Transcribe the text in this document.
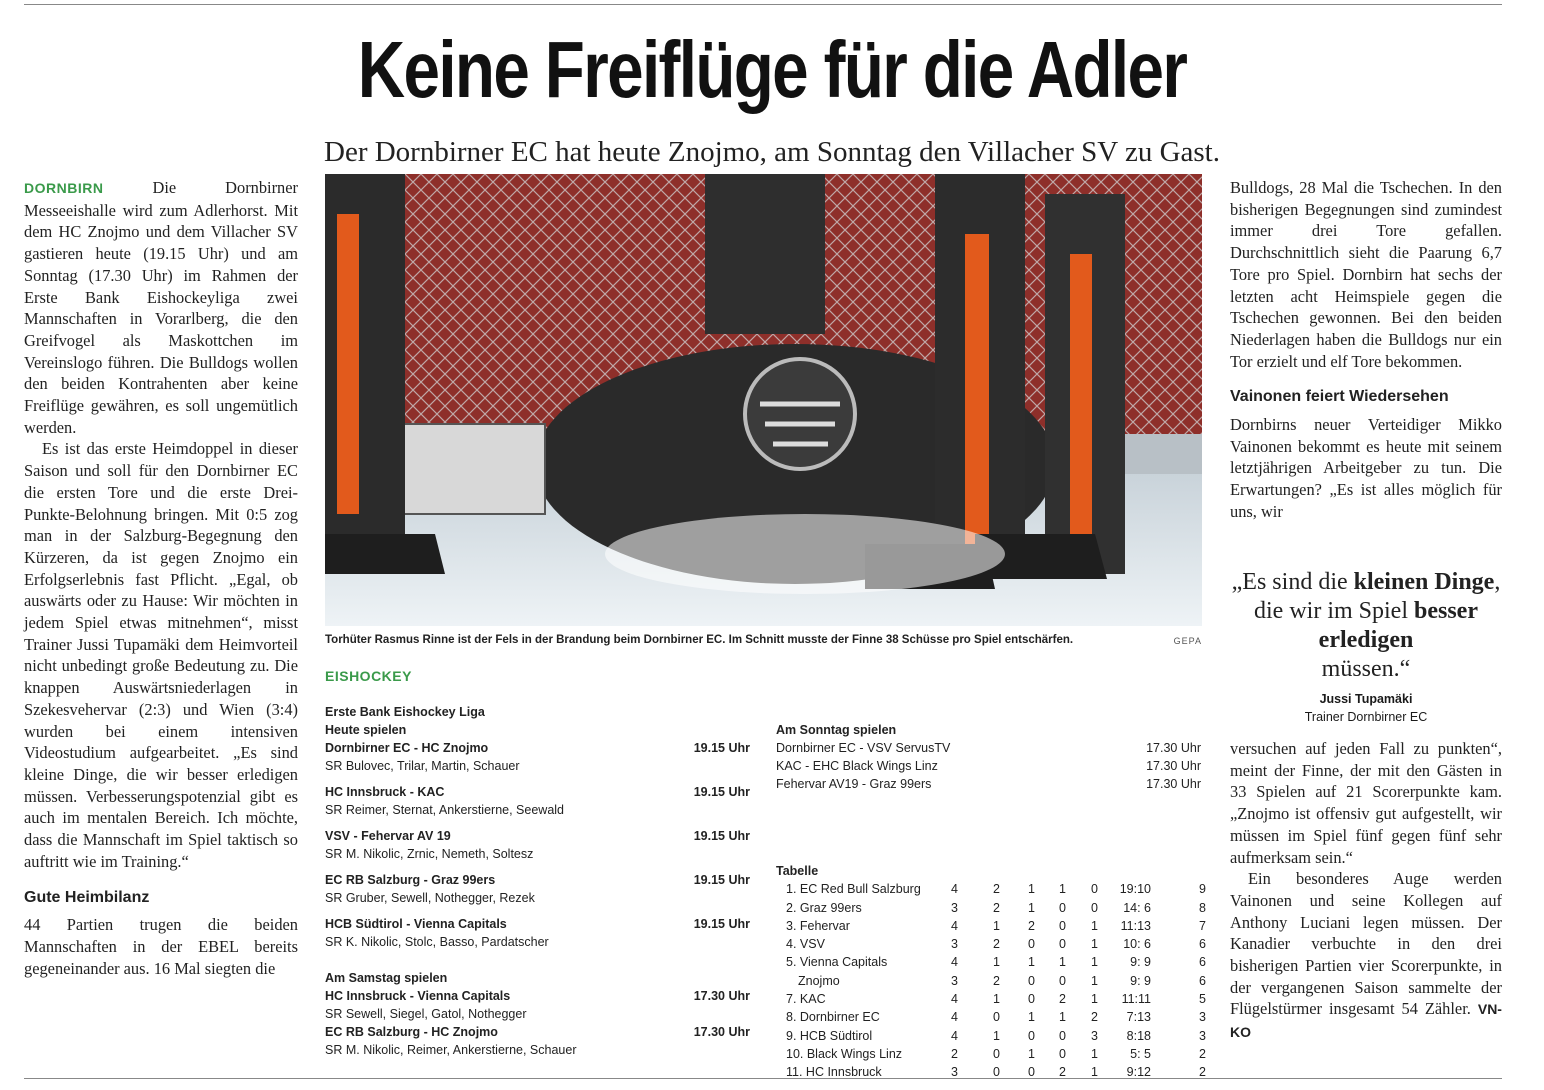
Keine Freiflüge für die Adler
Der Dornbirner EC hat heute Znojmo, am Sonntag den Villacher SV zu Gast.

DORNBIRN	Die Dornbirner Messeeishalle wird zum Adlerhorst. Mit dem HC Znojmo und dem Villacher SV gastieren heute (19.15 Uhr) und am Sonntag (17.30 Uhr) im Rahmen der Erste Bank Eishockeyliga zwei Mannschaften in Vorarlberg, die den Greifvogel als Maskottchen im Vereinslogo führen. Die Bulldogs wollen den beiden Kontrahenten aber keine Freiflüge gewähren, es soll ungemütlich werden.

Es ist das erste Heimdoppel in dieser Saison und soll für den Dornbirner EC die ersten Tore und die erste Drei-Punkte-Belohnung bringen. Mit 0:5 zog man in der Salzburg-Begegnung den Kürzeren, da ist gegen Znojmo ein Erfolgserlebnis fast Pflicht. „Egal, ob auswärts oder zu Hause: Wir möchten in jedem Spiel etwas mitnehmen“, misst Trainer Jussi Tupamäki dem Heimvorteil nicht unbedingt große Bedeutung zu. Die knappen Auswärtsniederlagen in Szekesvehervar (2:3) und Wien (3:4) wurden bei einem intensiven Videostudium aufgearbeitet. „Es sind kleine Dinge, die wir besser erledigen müssen. Verbesserungspotenzial gibt es auch im mentalen Bereich. Ich möchte, dass die Mannschaft im Spiel taktisch so auftritt wie im Training.“

Gute Heimbilanz

44 Partien trugen die beiden Mannschaften in der EBEL bereits gegeneinander aus. 16 Mal siegten die

Torhüter Rasmus Rinne ist der Fels in der Brandung beim Dornbirner EC. Im Schnitt musste der Finne 38 Schüsse pro Spiel entschärfen.	GEPA
EISHOCKEY
Erste Bank Eishockey Liga
Heute spielen
Dornbirner EC - HC Znojmo	19.15 Uhr
SR Bulovec, Trilar, Martin, Schauer
HC Innsbruck - KAC	19.15 Uhr
SR Reimer, Sternat, Ankerstierne, Seewald
VSV - Fehervar AV 19	19.15 Uhr
SR M. Nikolic, Zrnic, Nemeth, Soltesz
EC RB Salzburg - Graz 99ers	19.15 Uhr
SR Gruber, Sewell, Nothegger, Rezek
HCB Südtirol - Vienna Capitals	19.15 Uhr
SR K. Nikolic, Stolc, Basso, Pardatscher
Am Samstag spielen
HC Innsbruck - Vienna Capitals	17.30 Uhr
SR Sewell, Siegel, Gatol, Nothegger
EC RB Salzburg - HC Znojmo	17.30 Uhr
SR M. Nikolic, Reimer, Ankerstierne, Schauer
Am Sonntag spielen
Dornbirner EC - VSV ServusTV	17.30 Uhr
KAC - EHC Black Wings Linz	17.30 Uhr
Fehervar AV19 - Graz 99ers	17.30 Uhr
Tabelle
1. EC Red Bull Salzburg	4	2	1	1	0	19:10	9
2. Graz 99ers	3	2	1	0	0	14: 6	8
3. Fehervar	4	1	2	0	1	11:13	7
4. VSV	3	2	0	0	1	10: 6	6
5. Vienna Capitals	4	1	1	1	1	9: 9	6
Znojmo	3	2	0	0	1	9: 9	6
7. KAC	4	1	0	2	1	11:11	5
8. Dornbirner EC	4	0	1	1	2	7:13	3
9. HCB Südtirol	4	1	0	0	3	8:18	3
10. Black Wings Linz	2	0	1	0	1	5: 5	2
11. HC Innsbruck	3	0	0	2	1	9:12	2

Bulldogs, 28 Mal die Tschechen. In den bisherigen Begegnungen sind zumindest immer drei Tore gefallen. Durchschnittlich sieht die Paarung 6,7 Tore pro Spiel. Dornbirn hat sechs der letzten acht Heimspiele gegen die Tschechen gewonnen. Bei den beiden Niederlagen haben die Bulldogs nur ein Tor erzielt und elf Tore bekommen.

Vainonen feiert Wiedersehen

Dornbirns neuer Verteidiger Mikko Vainonen bekommt es heute mit seinem letztjährigen Arbeitgeber zu tun. Die Erwartungen? „Es ist alles möglich für uns, wir

„Es sind die kleinen Dinge, die wir im Spiel besser erledigen
müssen.“
Jussi Tupamäki
Trainer Dornbirner EC

versuchen auf jeden Fall zu punkten“, meint der Finne, der mit den Gästen in 33 Spielen auf 21 Scorerpunkte kam. „Znojmo ist offensiv gut aufgestellt, wir müssen im Spiel fünf gegen fünf sehr aufmerksam sein.“

Ein besonderes Auge werden Vainonen und seine Kollegen auf Anthony Luciani legen müssen. Der Kanadier verbuchte in den drei bisherigen Partien vier Scorerpunkte, in der vergangenen Saison sammelte der Flügelstürmer insgesamt 54 Zähler. VN-KO
